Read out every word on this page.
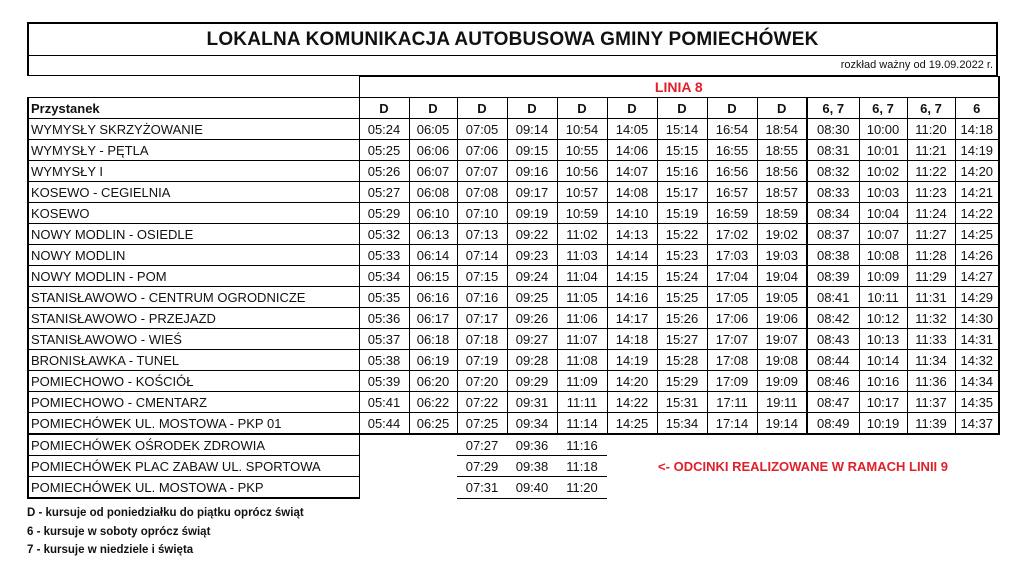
LOKALNA KOMUNIKACJA AUTOBUSOWA GMINY POMIECHÓWEK
rozkład ważny od 19.09.2022 r.
	LINIA 8												
Przystanek	D	D	D	D	D	D	D	D	D	6, 7	6, 7	6, 7	6
WYMYSŁY SKRZYŻOWANIE	05:24	06:05	07:05	09:14	10:54	14:05	15:14	16:54	18:54	08:30	10:00	11:20	14:18
WYMYSŁY - PĘTLA	05:25	06:06	07:06	09:15	10:55	14:06	15:15	16:55	18:55	08:31	10:01	11:21	14:19
WYMYSŁY I	05:26	06:07	07:07	09:16	10:56	14:07	15:16	16:56	18:56	08:32	10:02	11:22	14:20
KOSEWO - CEGIELNIA	05:27	06:08	07:08	09:17	10:57	14:08	15:17	16:57	18:57	08:33	10:03	11:23	14:21
KOSEWO	05:29	06:10	07:10	09:19	10:59	14:10	15:19	16:59	18:59	08:34	10:04	11:24	14:22
NOWY MODLIN - OSIEDLE	05:32	06:13	07:13	09:22	11:02	14:13	15:22	17:02	19:02	08:37	10:07	11:27	14:25
NOWY MODLIN	05:33	06:14	07:14	09:23	11:03	14:14	15:23	17:03	19:03	08:38	10:08	11:28	14:26
NOWY MODLIN - POM	05:34	06:15	07:15	09:24	11:04	14:15	15:24	17:04	19:04	08:39	10:09	11:29	14:27
STANISŁAWOWO - CENTRUM OGRODNICZE	05:35	06:16	07:16	09:25	11:05	14:16	15:25	17:05	19:05	08:41	10:11	11:31	14:29
STANISŁAWOWO - PRZEJAZD	05:36	06:17	07:17	09:26	11:06	14:17	15:26	17:06	19:06	08:42	10:12	11:32	14:30
STANISŁAWOWO - WIEŚ	05:37	06:18	07:18	09:27	11:07	14:18	15:27	17:07	19:07	08:43	10:13	11:33	14:31
BRONISŁAWKA - TUNEL	05:38	06:19	07:19	09:28	11:08	14:19	15:28	17:08	19:08	08:44	10:14	11:34	14:32
POMIECHOWO - KOŚCIÓŁ	05:39	06:20	07:20	09:29	11:09	14:20	15:29	17:09	19:09	08:46	10:16	11:36	14:34
POMIECHOWO - CMENTARZ	05:41	06:22	07:22	09:31	11:11	14:22	15:31	17:11	19:11	08:47	10:17	11:37	14:35
POMIECHÓWEK UL. MOSTOWA - PKP 01	05:44	06:25	07:25	09:34	11:14	14:25	15:34	17:14	19:14	08:49	10:19	11:39	14:37
POMIECHÓWEK OŚRODEK ZDROWIA			07:27	09:36	11:16	<- ODCINKI REALIZOWANE W RAMACH LINII 9							
POMIECHÓWEK PLAC ZABAW UL. SPORTOWA			07:29	09:38	11:18								
POMIECHÓWEK UL. MOSTOWA - PKP			07:31	09:40	11:20								
D - kursuje od poniedziałku do piątku oprócz świąt
6 - kursuje w soboty oprócz świąt
7 - kursuje w niedziele i święta
